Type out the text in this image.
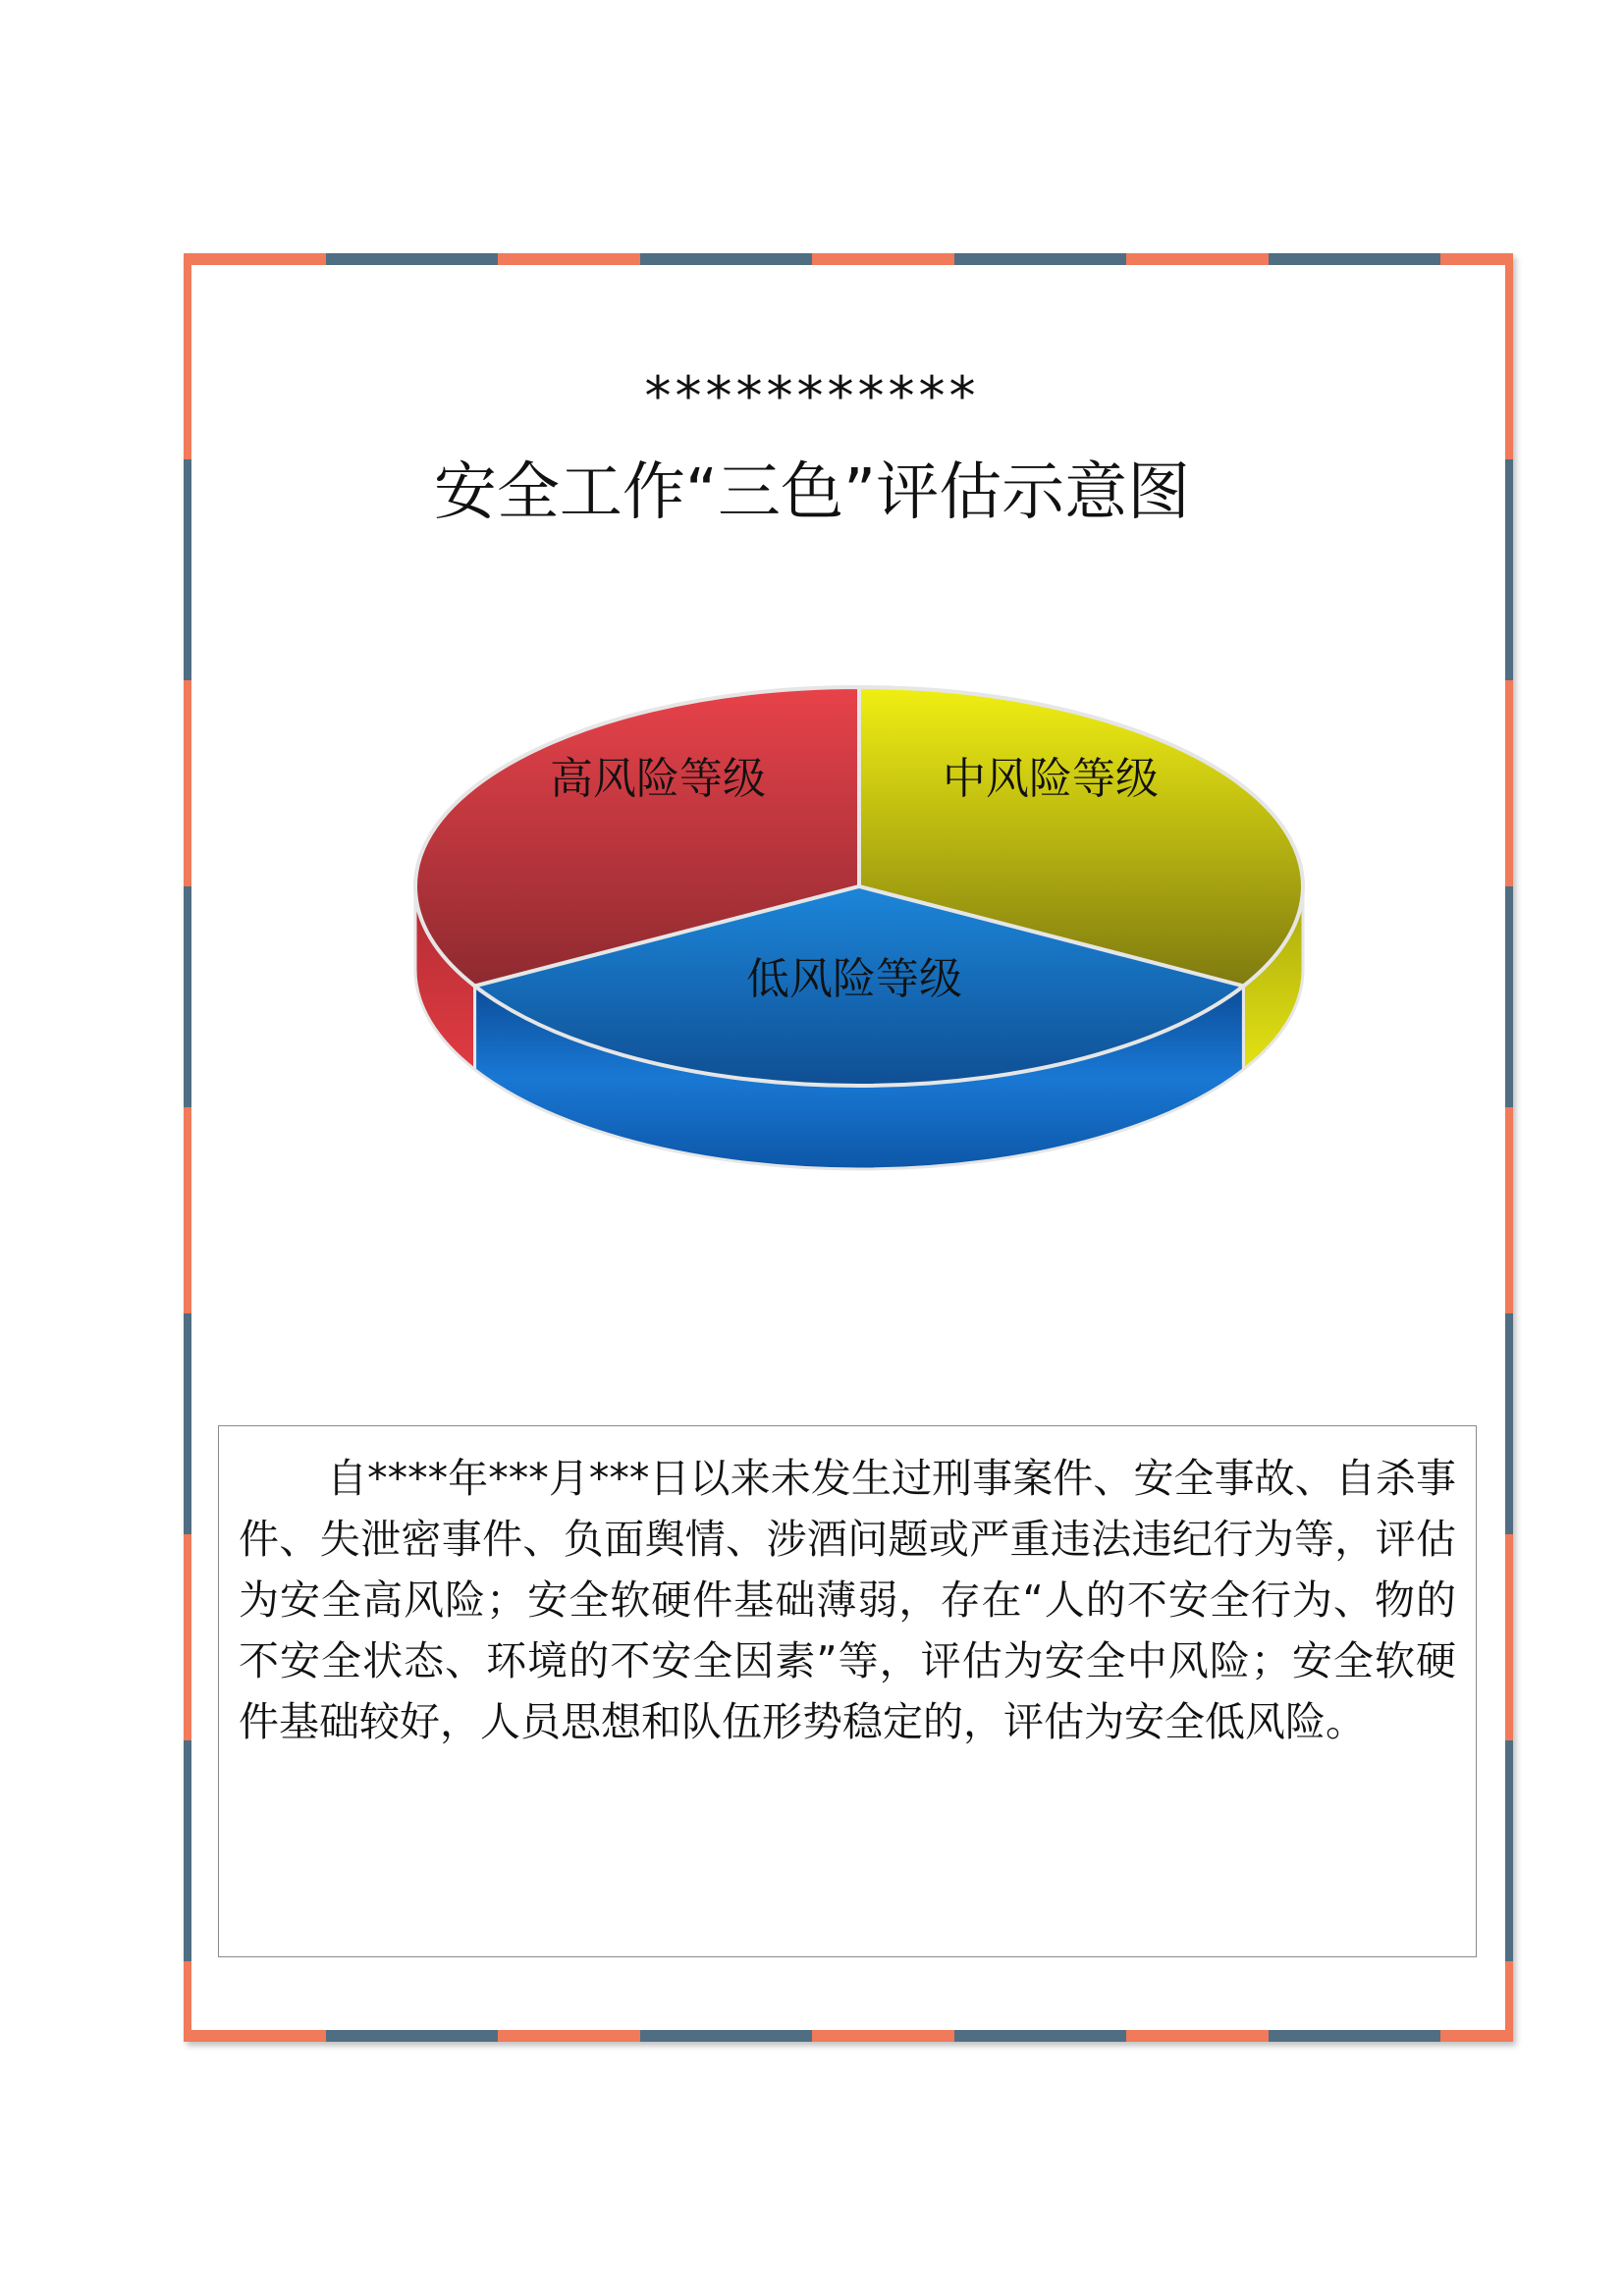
***********
安全工作“三色”评估示意图
高风险等级	中风险等级
低风险等级

自****年***月***日以来未发生过刑事案件、安全事故、自杀事件、失泄密事件、负面舆情、涉酒问题或严重违法违纪行为等，评估为安全高风险；安全软硬件基础薄弱，存在“人的不安全行为、物的不安全状态、环境的不安全因素”等，评估为安全中风险；安全软硬件基础较好，人员思想和队伍形势稳定的，评估为安全低风险。
